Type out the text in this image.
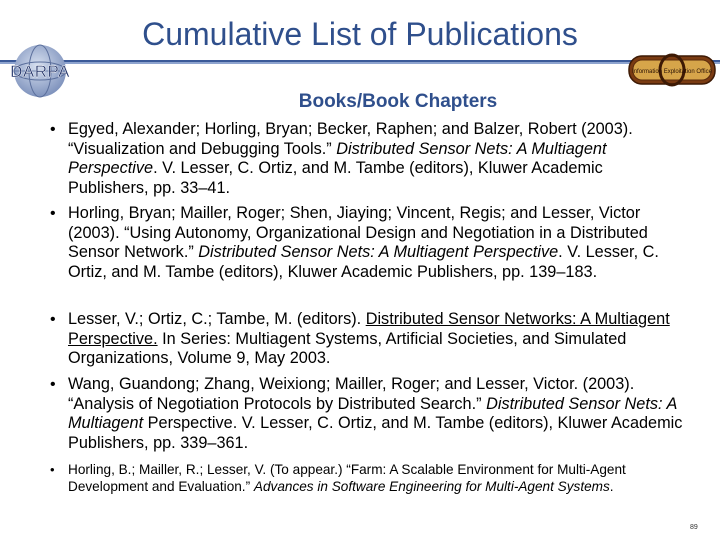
Cumulative List of Publications
DARPA	Information Exploitation Office
Books/Book Chapters
• Egyed, Alexander; Horling, Bryan; Becker, Raphen; and Balzer, Robert (2003). “Visualization and Debugging Tools.” Distributed Sensor Nets: A Multiagent Perspective. V. Lesser, C. Ortiz, and M. Tambe (editors), Kluwer Academic Publishers, pp. 33–41.
• Horling, Bryan; Mailler, Roger; Shen, Jiaying; Vincent, Regis; and Lesser, Victor (2003). “Using Autonomy, Organizational Design and Negotiation in a Distributed Sensor Network.” Distributed Sensor Nets: A Multiagent Perspective. V. Lesser, C. Ortiz, and M. Tambe (editors), Kluwer Academic Publishers, pp. 139–183.
• Lesser, V.; Ortiz, C.; Tambe, M. (editors). Distributed Sensor Networks: A Multiagent Perspective. In Series: Multiagent Systems, Artificial Societies, and Simulated Organizations, Volume 9, May 2003.
• Wang, Guandong; Zhang, Weixiong; Mailler, Roger; and Lesser, Victor. (2003). “Analysis of Negotiation Protocols by Distributed Search.” Distributed Sensor Nets: A Multiagent Perspective. V. Lesser, C. Ortiz, and M. Tambe (editors), Kluwer Academic Publishers, pp. 339–361.
• Horling, B.; Mailler, R.; Lesser, V. (To appear.) “Farm: A Scalable Environment for Multi-Agent Development and Evaluation.” Advances in Software Engineering for Multi-Agent Systems.
89
